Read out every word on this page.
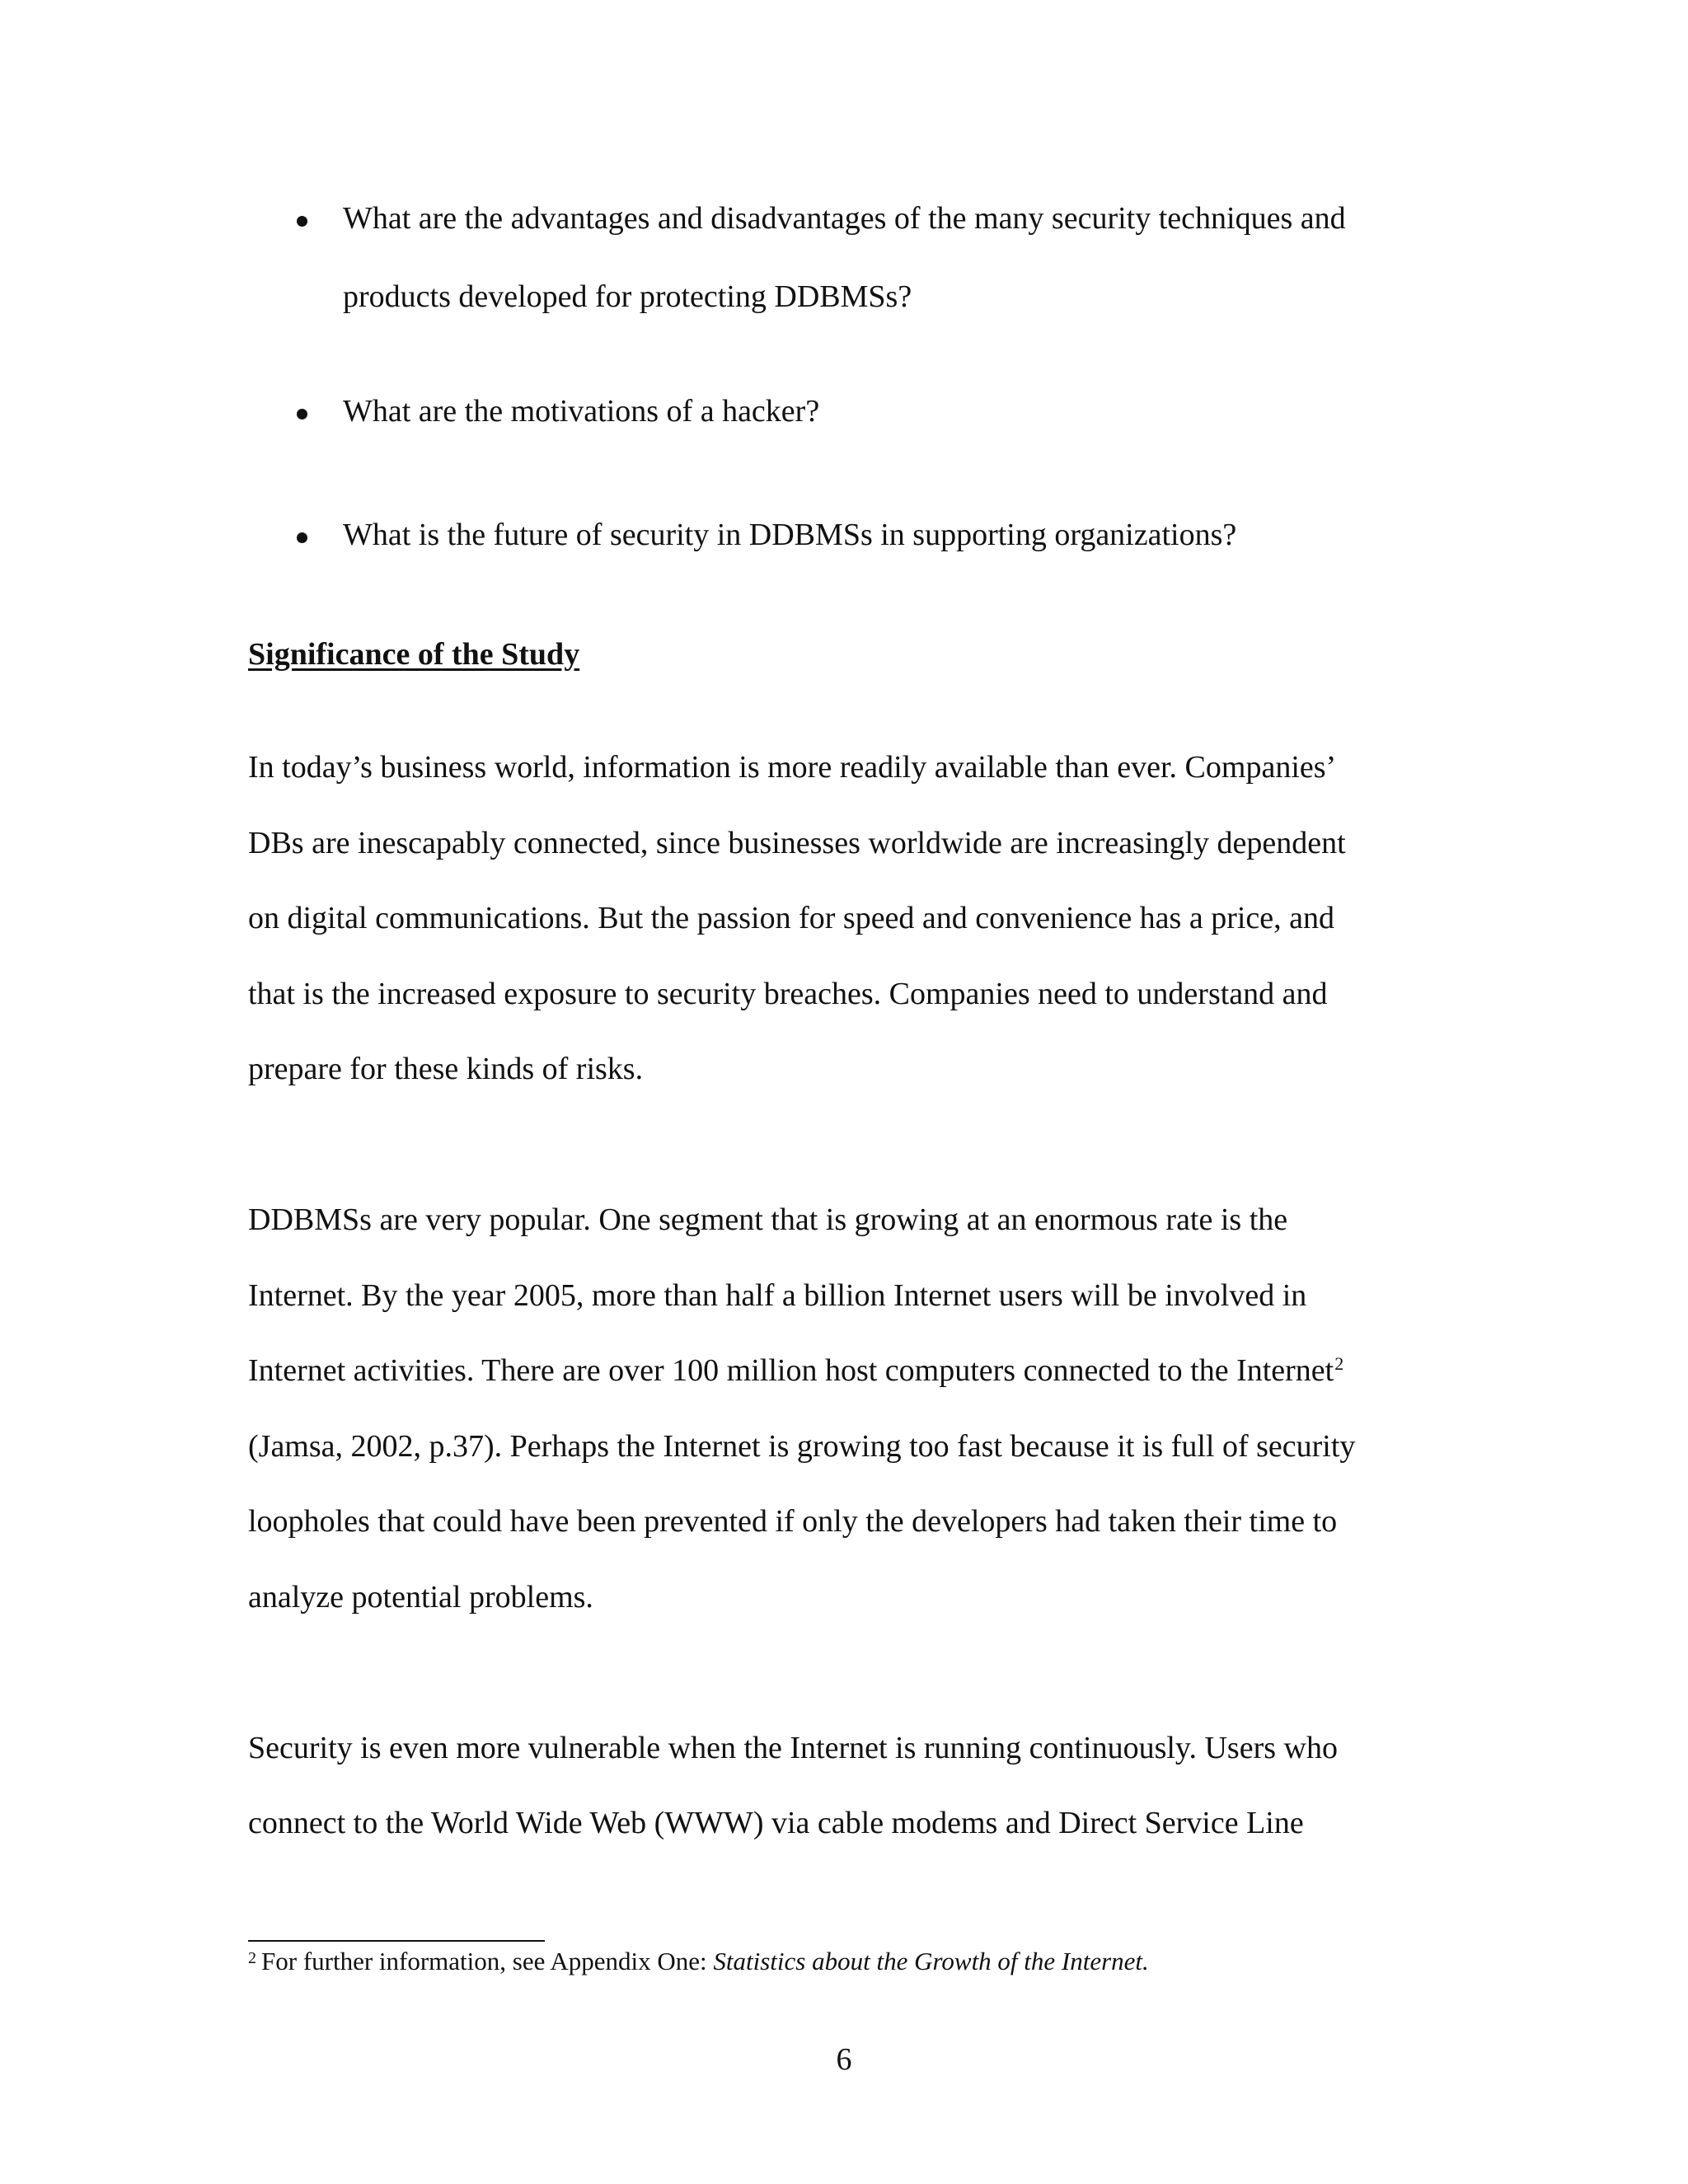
What are the advantages and disadvantages of the many security techniques and
products developed for protecting DDBMSs?
What are the motivations of a hacker?
What is the future of security in DDBMSs in supporting organizations?
Significance of the Study
In today’s business world, information is more readily available than ever. Companies’
DBs are inescapably connected, since businesses worldwide are increasingly dependent
on digital communications. But the passion for speed and convenience has a price, and
that is the increased exposure to security breaches. Companies need to understand and
prepare for these kinds of risks.
DDBMSs are very popular. One segment that is growing at an enormous rate is the
Internet. By the year 2005, more than half a billion Internet users will be involved in
Internet activities. There are over 100 million host computers connected to the Internet$^2$
(Jamsa, 2002, p.37). Perhaps the Internet is growing too fast because it is full of security
loopholes that could have been prevented if only the developers had taken their time to
analyze potential problems.
Security is even more vulnerable when the Internet is running continuously. Users who
connect to the World Wide Web (WWW) via cable modems and Direct Service Line
$^2$ For further information, see Appendix One: Statistics about the Growth of the Internet.
6
